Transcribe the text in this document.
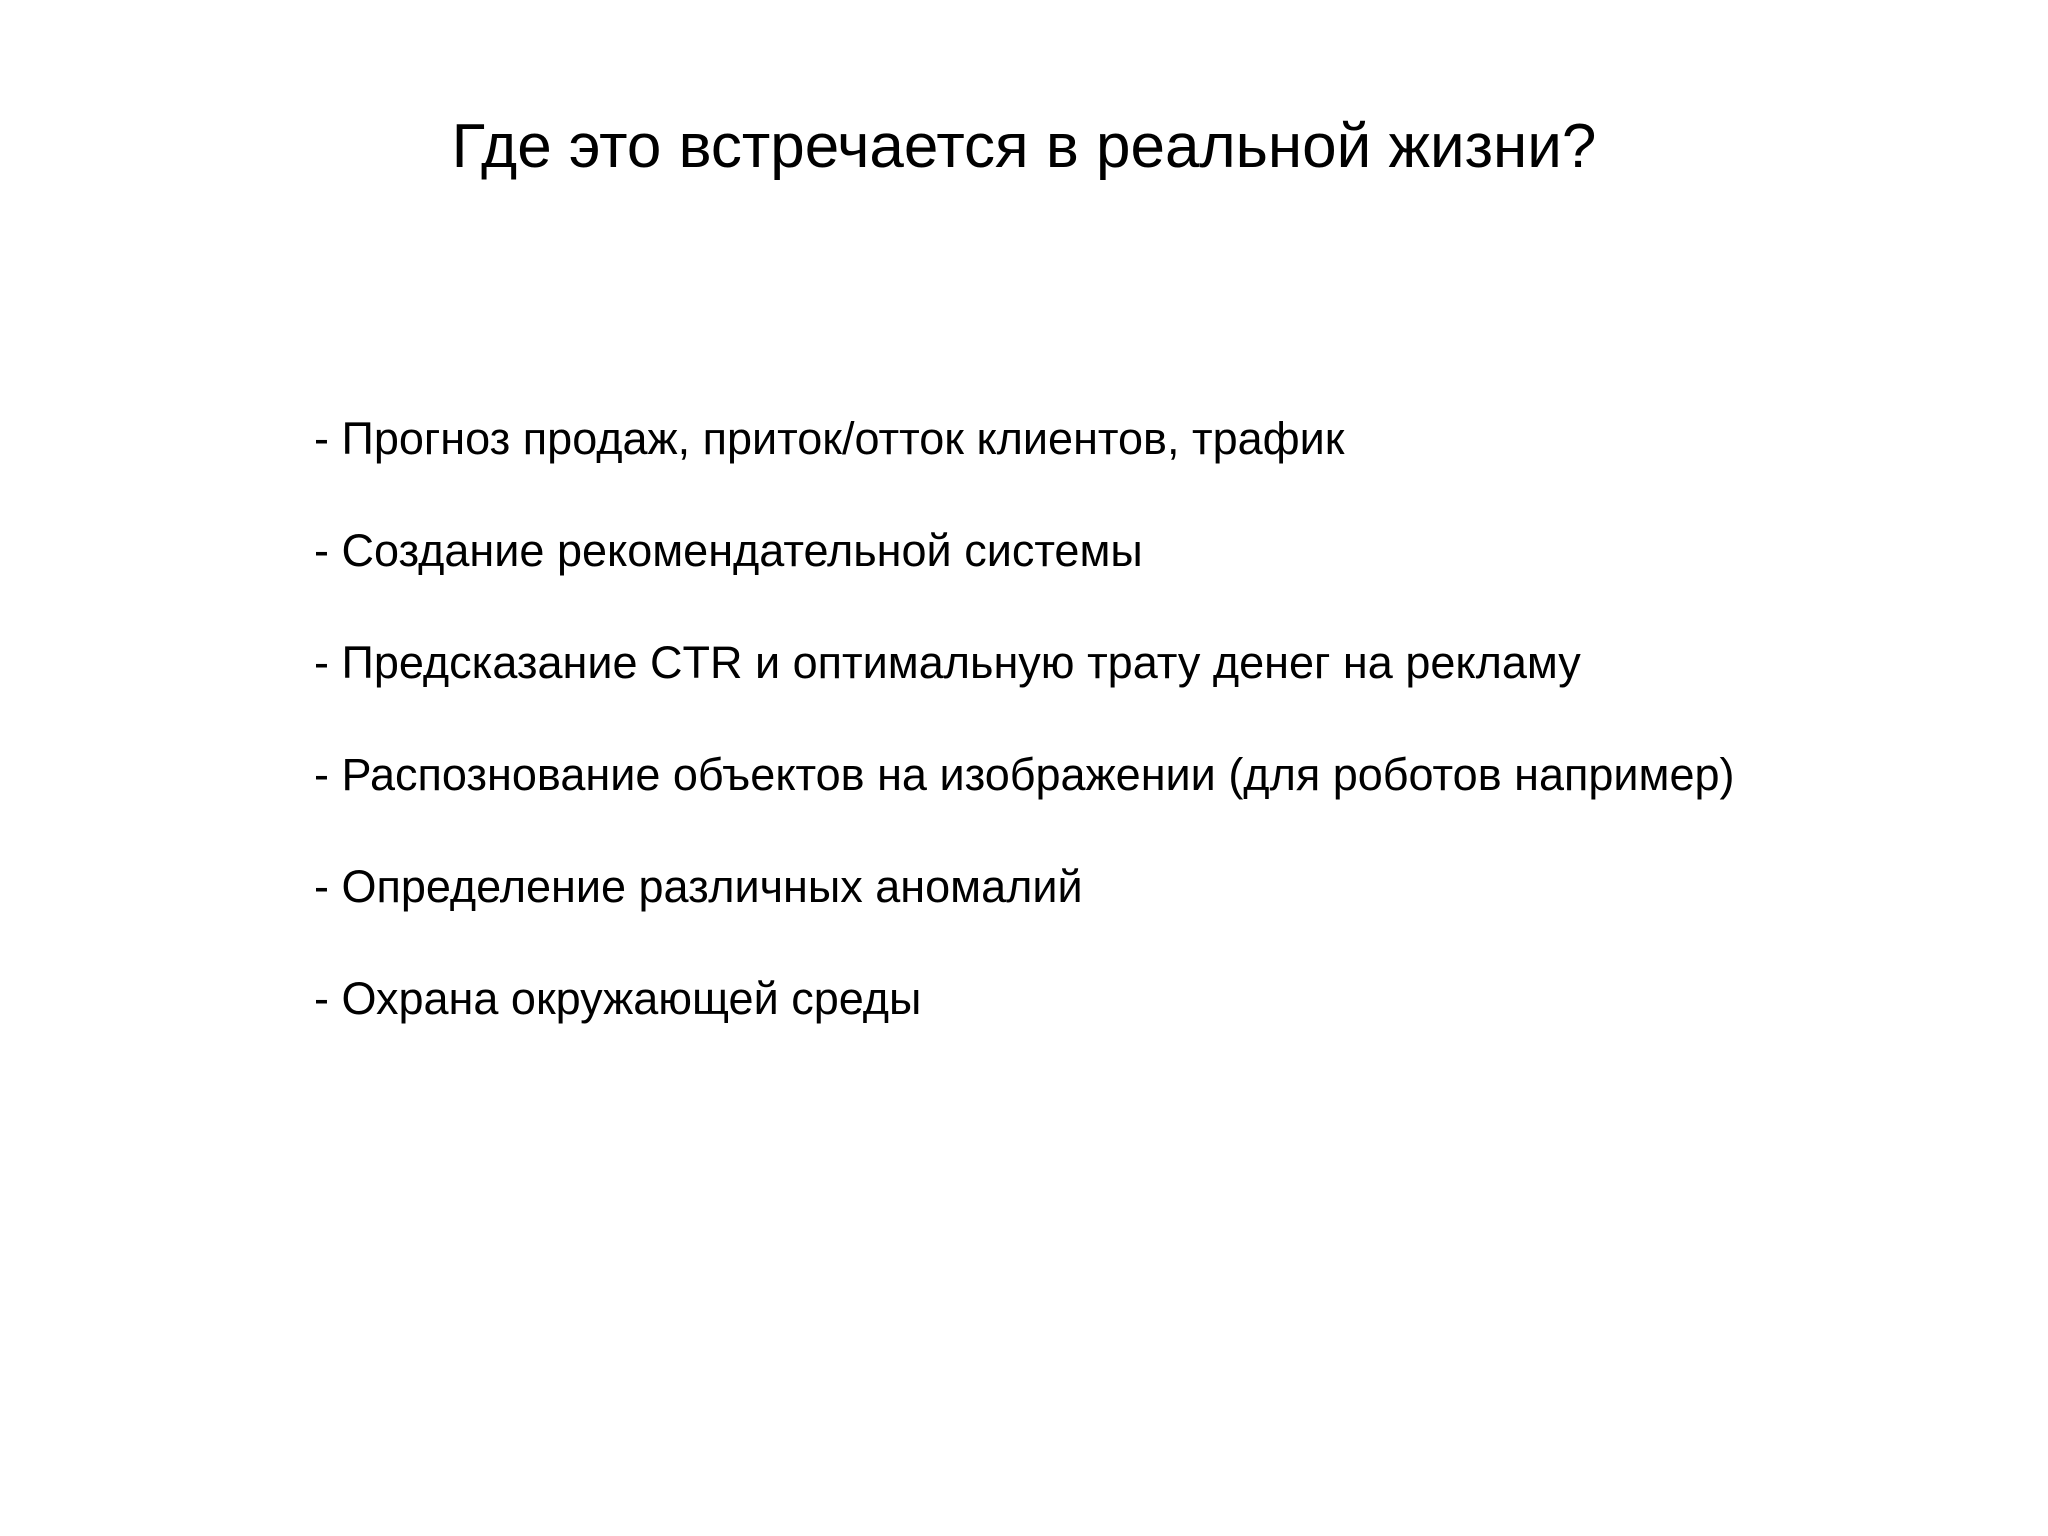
Где это встречается в реальной жизни?
- Прогноз продаж, приток/отток клиентов, трафик
- Создание рекомендательной системы
- Предсказание CTR и оптимальную трату денег на рекламу
- Распознование объектов на изображении (для роботов например)
- Определение различных аномалий
- Охрана окружающей среды
